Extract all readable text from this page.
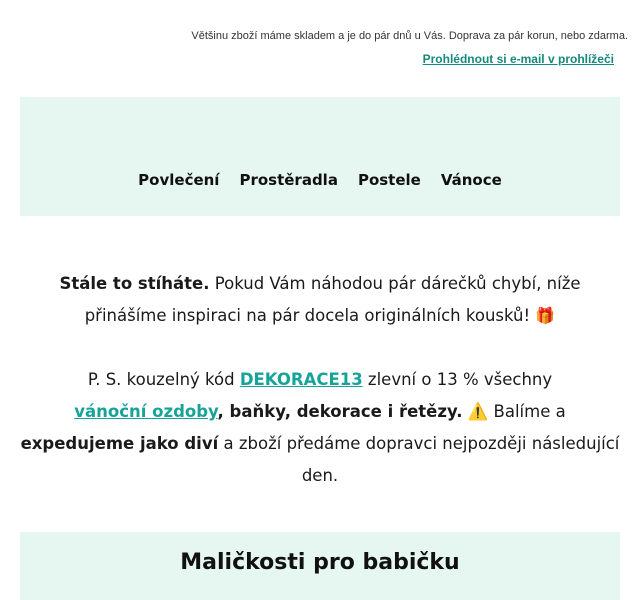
Většinu zboží máme skladem a je do pár dnů u Vás. Doprava za pár korun, nebo zdarma.
Prohlédnout si e-mail v prohlížeči
Povlečení Prostěradla Postele Vánoce
Stále to stíháte. Pokud Vám náhodou pár dárečků chybí, níže přinášíme inspiraci na pár docela originálních kousků! 🎁
P. S. kouzelný kód DEKORACE13 zlevní o 13 % všechny
vánoční ozdoby, baňky, dekorace i řetězy. ⚠️ Balíme a expedujeme jako diví a zboží předáme dopravci nejpozději následující den.
Maličkosti pro babičku
